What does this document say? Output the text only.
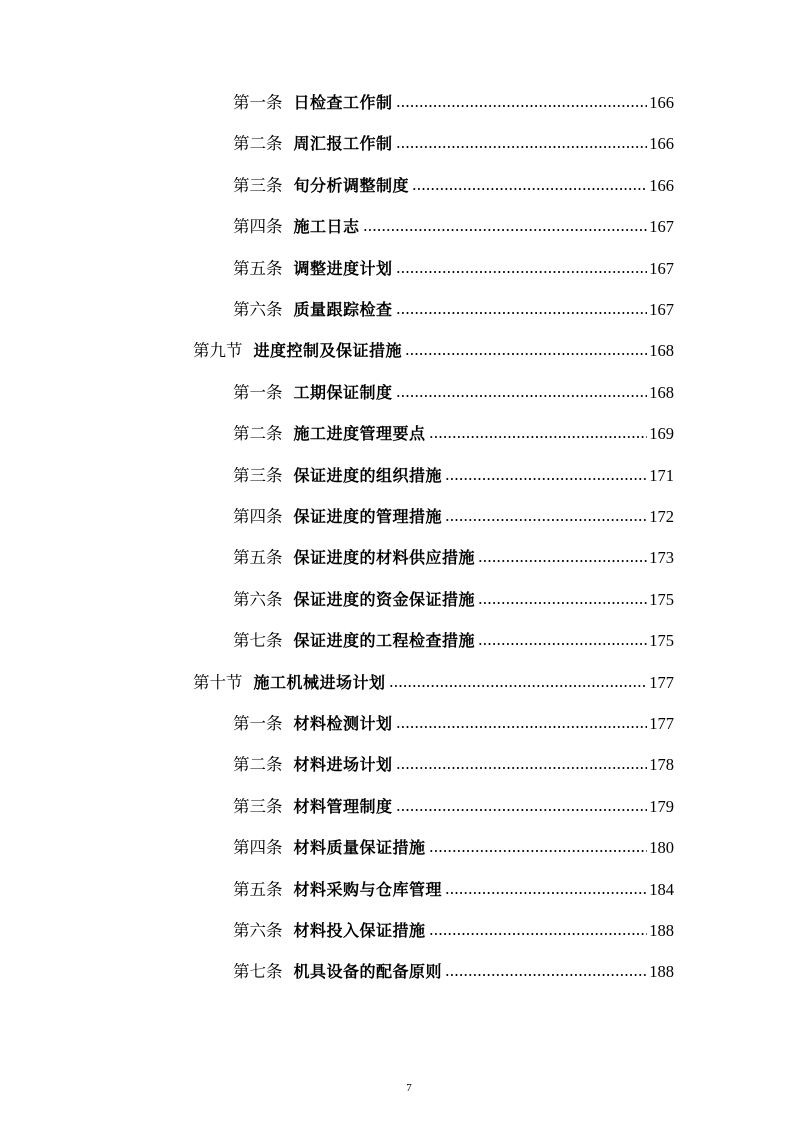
第一条 日检查工作制	166
第二条 周汇报工作制	166
第三条 旬分析调整制度	166
第四条 施工日志	167
第五条 调整进度计划	167
第六条 质量跟踪检查	167
第九节 进度控制及保证措施	168
第一条 工期保证制度	168
第二条 施工进度管理要点	169
第三条 保证进度的组织措施	171
第四条 保证进度的管理措施	172
第五条 保证进度的材料供应措施	173
第六条 保证进度的资金保证措施	175
第七条 保证进度的工程检查措施	175
第十节 施工机械进场计划	177
第一条 材料检测计划	177
第二条 材料进场计划	178
第三条 材料管理制度	179
第四条 材料质量保证措施	180
第五条 材料采购与仓库管理	184
第六条 材料投入保证措施	188
第七条 机具设备的配备原则	188
7
